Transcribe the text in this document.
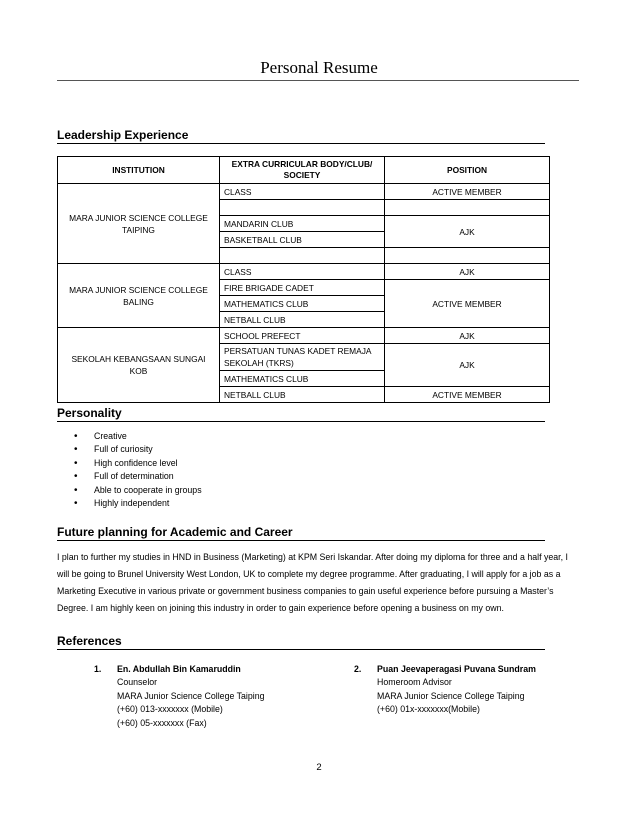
Personal Resume
Leadership Experience
INSTITUTION	EXTRA CURRICULAR BODY/CLUB/ SOCIETY	POSITION
MARA JUNIOR SCIENCE COLLEGE TAIPING	CLASS	ACTIVE MEMBER

	MANDARIN CLUB	AJK
	BASKETBALL CLUB	

MARA JUNIOR SCIENCE COLLEGE BALING	CLASS	AJK
	FIRE BRIGADE CADET	ACTIVE MEMBER
	MATHEMATICS CLUB	
	NETBALL CLUB	
SEKOLAH KEBANGSAAN SUNGAI KOB	SCHOOL PREFECT	AJK
	PERSATUAN TUNAS KADET REMAJA SEKOLAH (TKRS)	AJK
	MATHEMATICS CLUB	
	NETBALL CLUB	ACTIVE MEMBER
Personality
• Creative
• Full of curiosity
• High confidence level
• Full of determination
• Able to cooperate in groups
• Highly independent
Future planning for Academic and Career

I plan to further my studies in HND in Business (Marketing) at KPM Seri Iskandar. After doing my diploma for three and a half year, I will be going to Brunel University West London, UK to complete my degree programme. After graduating, I will apply for a job as a Marketing Executive in various private or government business companies to gain useful experience before pursuing a Master’s Degree. I am highly keen on joining this industry in order to gain experience before opening a business on my own.

References
1. En. Abdullah Bin Kamaruddin
Counselor
MARA Junior Science College Taiping
(+60) 013-xxxxxxx (Mobile)
(+60) 05-xxxxxxx (Fax)
2. Puan Jeevaperagasi Puvana Sundram
Homeroom Advisor
MARA Junior Science College Taiping
(+60) 01x-xxxxxxx(Mobile)
2
